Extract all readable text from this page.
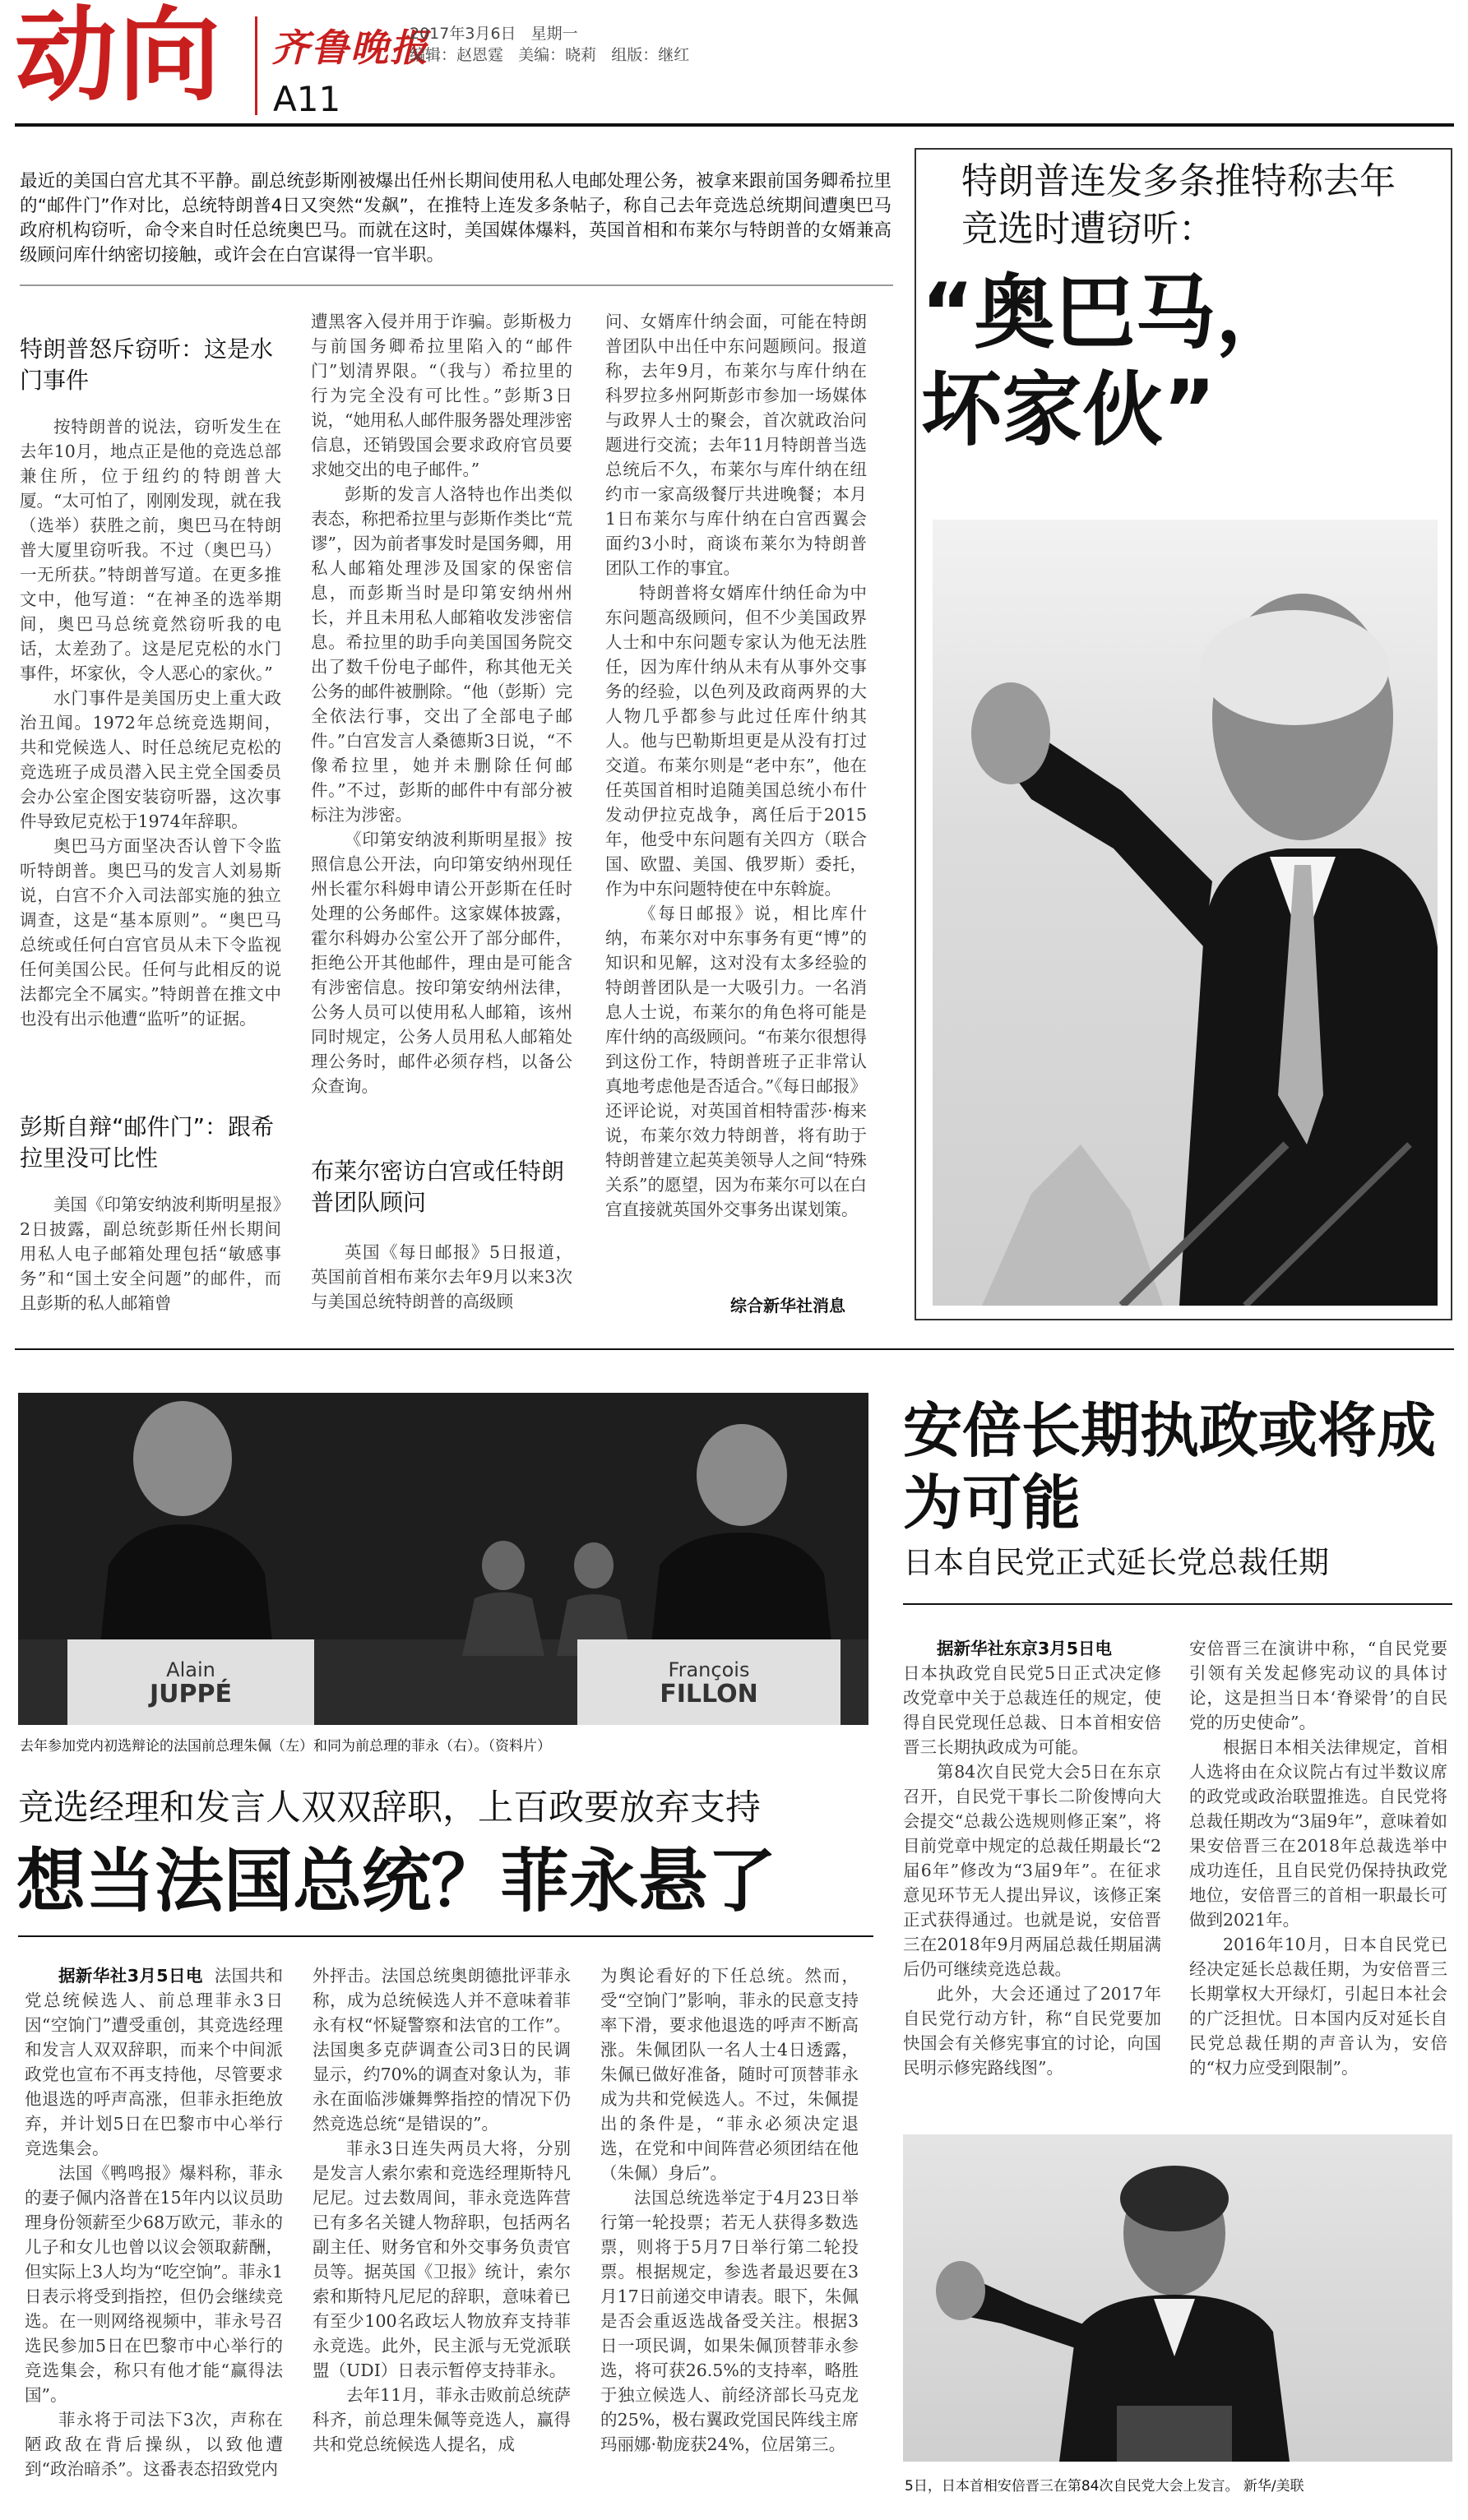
动向 齐鲁晚报
A11
2017年3月6日 星期一
编辑：赵恩霆 美编：晓莉 组版：继红
最近的美国白宫尤其不平静。副总统彭斯刚被爆出任州长期间使用私人电邮处理公务，被拿来跟前国务卿希拉里的“邮件门”作对比，总统特朗普4日又突然“发飙”，在推特上连发多条帖子，称自己去年竞选总统期间遭奥巴马政府机构窃听，命令来自时任总统奥巴马。而就在这时，美国媒体爆料，英国首相和布莱尔与特朗普的女婿兼高级顾问库什纳密切接触，或许会在白宫谋得一官半职。
特朗普连发多条推特称去年竞选时遭窃听：
“奥巴马，坏家伙”
特朗普怒斥窃听：这是水门事件

按特朗普的说法，窃听发生在去年10月，地点正是他的竞选总部兼住所，位于纽约的特朗普大厦。“太可怕了，刚刚发现，就在我（选举）获胜之前，奥巴马在特朗普大厦里窃听我。不过（奥巴马）一无所获。”特朗普写道。在更多推文中，他写道：“在神圣的选举期间，奥巴马总统竟然窃听我的电话，太差劲了。这是尼克松的水门事件，坏家伙，令人恶心的家伙。”

水门事件是美国历史上重大政治丑闻。1972年总统竞选期间，共和党候选人、时任总统尼克松的竞选班子成员潜入民主党全国委员会办公室企图安装窃听器，这次事件导致尼克松于1974年辞职。

奥巴马方面坚决否认曾下令监听特朗普。奥巴马的发言人刘易斯说，白宫不介入司法部实施的独立调查，这是“基本原则”。“奥巴马总统或任何白宫官员从未下令监视任何美国公民。任何与此相反的说法都完全不属实。”特朗普在推文中也没有出示他遭“监听”的证据。

彭斯自辩“邮件门”：跟希拉里没可比性

美国《印第安纳波利斯明星报》2日披露，副总统彭斯任州长期间用私人电子邮箱处理包括“敏感事务”和“国土安全问题”的邮件，而且彭斯的私人邮箱曾

遭黑客入侵并用于诈骗。彭斯极力与前国务卿希拉里陷入的“邮件门”划清界限。“（我与）希拉里的行为完全没有可比性。”彭斯3日说，“她用私人邮件服务器处理涉密信息，还销毁国会要求政府官员要求她交出的电子邮件。”

彭斯的发言人洛特也作出类似表态，称把希拉里与彭斯作类比“荒谬”，因为前者事发时是国务卿，用私人邮箱处理涉及国家的保密信息，而彭斯当时是印第安纳州州长，并且未用私人邮箱收发涉密信息。希拉里的助手向美国国务院交出了数千份电子邮件，称其他无关公务的邮件被删除。“他（彭斯）完全依法行事，交出了全部电子邮件。”白宫发言人桑德斯3日说，“不像希拉里，她并未删除任何邮件。”不过，彭斯的邮件中有部分被标注为涉密。

《印第安纳波利斯明星报》按照信息公开法，向印第安纳州现任州长霍尔科姆申请公开彭斯在任时处理的公务邮件。这家媒体披露，霍尔科姆办公室公开了部分邮件，拒绝公开其他邮件，理由是可能含有涉密信息。按印第安纳州法律，公务人员可以使用私人邮箱，该州同时规定，公务人员用私人邮箱处理公务时，邮件必须存档，以备公众查询。

布莱尔密访白宫或任特朗普团队顾问

英国《每日邮报》5日报道，英国前首相布莱尔去年9月以来3次与美国总统特朗普的高级顾

问、女婿库什纳会面，可能在特朗普团队中出任中东问题顾问。报道称，去年9月，布莱尔与库什纳在科罗拉多州阿斯彭市参加一场媒体与政界人士的聚会，首次就政治问题进行交流；去年11月特朗普当选总统后不久，布莱尔与库什纳在纽约市一家高级餐厅共进晚餐；本月1日布莱尔与库什纳在白宫西翼会面约3小时，商谈布莱尔为特朗普团队工作的事宜。

特朗普将女婿库什纳任命为中东问题高级顾问，但不少美国政界人士和中东问题专家认为他无法胜任，因为库什纳从未有从事外交事务的经验，以色列及政商两界的大人物几乎都参与此过任库什纳其人。他与巴勒斯坦更是从没有打过交道。布莱尔则是“老中东”，他在任英国首相时追随美国总统小布什发动伊拉克战争，离任后于2015年，他受中东问题有关四方（联合国、欧盟、美国、俄罗斯）委托，作为中东问题特使在中东斡旋。

《每日邮报》说，相比库什纳，布莱尔对中东事务有更“博”的知识和见解，这对没有太多经验的特朗普团队是一大吸引力。一名消息人士说，布莱尔的角色将可能是库什纳的高级顾问。“布莱尔很想得到这份工作，特朗普班子正非常认真地考虑他是否适合。”《每日邮报》还评论说，对英国首相特雷莎·梅来说，布莱尔效力特朗普，将有助于特朗普建立起英美领导人之间“特殊关系”的愿望，因为布莱尔可以在白宫直接就英国外交事务出谋划策。

综合新华社消息
Alain
JUPPÉ
François
FILLON
去年参加党内初选辩论的法国前总理朱佩（左）和同为前总理的菲永（右）。（资料片）
竞选经理和发言人双双辞职，上百政要放弃支持
想当法国总统？菲永悬了

据新华社3月5日电 法国共和党总统候选人、前总理菲永3日因“空饷门”遭受重创，其竞选经理和发言人双双辞职，而来个中间派政党也宣布不再支持他，尽管要求他退选的呼声高涨，但菲永拒绝放弃，并计划5日在巴黎市中心举行竞选集会。

法国《鸭鸣报》爆料称，菲永的妻子佩内洛普在15年内以议员助理身份领薪至少68万欧元，菲永的儿子和女儿也曾以议会领取薪酬，但实际上3人均为“吃空饷”。菲永1日表示将受到指控，但仍会继续竞选。在一则网络视频中，菲永号召选民参加5日在巴黎市中心举行的竞选集会，称只有他才能“赢得法国”。

菲永将于司法下3次，声称在陋政敌在背后操纵，以致他遭到“政治暗杀”。这番表态招致党内

外抨击。法国总统奥朗德批评菲永称，成为总统候选人并不意味着菲永有权“怀疑警察和法官的工作”。法国奥多克萨调查公司3日的民调显示，约70%的调查对象认为，菲永在面临涉嫌舞弊指控的情况下仍然竞选总统“是错误的”。

菲永3日连失两员大将，分别是发言人索尔索和竞选经理斯特凡尼尼。过去数周间，菲永竞选阵营已有多名关键人物辞职，包括两名副主任、财务官和外交事务负责官员等。据英国《卫报》统计，索尔索和斯特凡尼尼的辞职，意味着已有至少100名政坛人物放弃支持菲永竞选。此外，民主派与无党派联盟（UDI）日表示暂停支持菲永。

去年11月，菲永击败前总统萨科齐，前总理朱佩等竞选人，赢得共和党总统候选人提名，成

为舆论看好的下任总统。然而，受“空饷门”影响，菲永的民意支持率下滑，要求他退选的呼声不断高涨。朱佩团队一名人士4日透露，朱佩已做好准备，随时可顶替菲永成为共和党候选人。不过，朱佩提出的条件是，“菲永必须决定退选，在党和中间阵营必须团结在他（朱佩）身后”。

法国总统选举定于4月23日举行第一轮投票；若无人获得多数选票，则将于5月7日举行第二轮投票。根据规定，参选者最迟要在3月17日前递交申请表。眼下，朱佩是否会重返选战备受关注。根据3日一项民调，如果朱佩顶替菲永参选，将可获26.5%的支持率，略胜于独立候选人、前经济部长马克龙的25%，极右翼政党国民阵线主席玛丽娜·勒庞获24%，位居第三。

安倍长期执政或将成为可能
日本自民党正式延长党总裁任期

据新华社东京3月5日电

日本执政党自民党5日正式决定修改党章中关于总裁连任的规定，使得自民党现任总裁、日本首相安倍晋三长期执政成为可能。

第84次自民党大会5日在东京召开，自民党干事长二阶俊博向大会提交“总裁公选规则修正案”，将目前党章中规定的总裁任期最长“2届6年”修改为“3届9年”。在征求意见环节无人提出异议，该修正案正式获得通过。也就是说，安倍晋三在2018年9月两届总裁任期届满后仍可继续竞选总裁。

此外，大会还通过了2017年自民党行动方针，称“自民党要加快国会有关修宪事宜的讨论，向国民明示修宪路线图”。

安倍晋三在演讲中称，“自民党要引领有关发起修宪动议的具体讨论，这是担当日本‘脊梁骨’的自民党的历史使命”。

根据日本相关法律规定，首相人选将由在众议院占有过半数议席的政党或政治联盟推选。自民党将总裁任期改为“3届9年”，意味着如果安倍晋三在2018年总裁选举中成功连任，且自民党仍保持执政党地位，安倍晋三的首相一职最长可做到2021年。

2016年10月，日本自民党已经决定延长总裁任期，为安倍晋三长期掌权大开绿灯，引起日本社会的广泛担忧。日本国内反对延长自民党总裁任期的声音认为，安倍的“权力应受到限制”。

5日，日本首相安倍晋三在第84次自民党大会上发言。 新华/美联
